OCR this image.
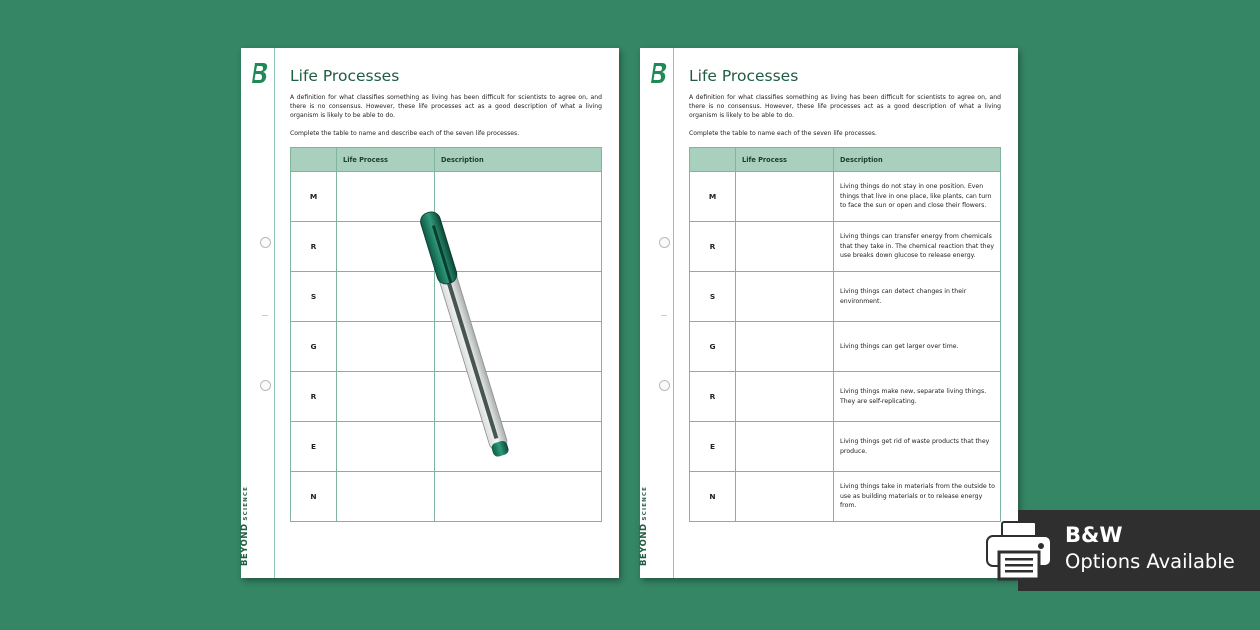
BEYONDSCIENCE
Life Processes
A definition for what classifies something as living has been difficult for scientists to agree on, and there is no consensus. However, these life processes act as a good description of what a living organism is likely to be able to do.
Complete the table to name and describe each of the seven life processes.
	Life Process	Description
M		
R		
S		
G		
R		
E		
N		
BEYONDSCIENCE
Life Processes
A definition for what classifies something as living has been difficult for scientists to agree on, and there is no consensus. However, these life processes act as a good description of what a living organism is likely to be able to do.
Complete the table to name each of the seven life processes.
	Life Process	Description
M		Living things do not stay in one position. Even things that live in one place, like plants, can turn to face the sun or open and close their flowers.
R		Living things can transfer energy from chemicals that they take in. The chemical reaction that they use breaks down glucose to release energy.
S		Living things can detect changes in their environment.
G		Living things can get larger over time.
R		Living things make new, separate living things. They are self-replicating.
E		Living things get rid of waste products that they produce.
N		Living things take in materials from the outside to use as building materials or to release energy from.
B&W
Options Available
